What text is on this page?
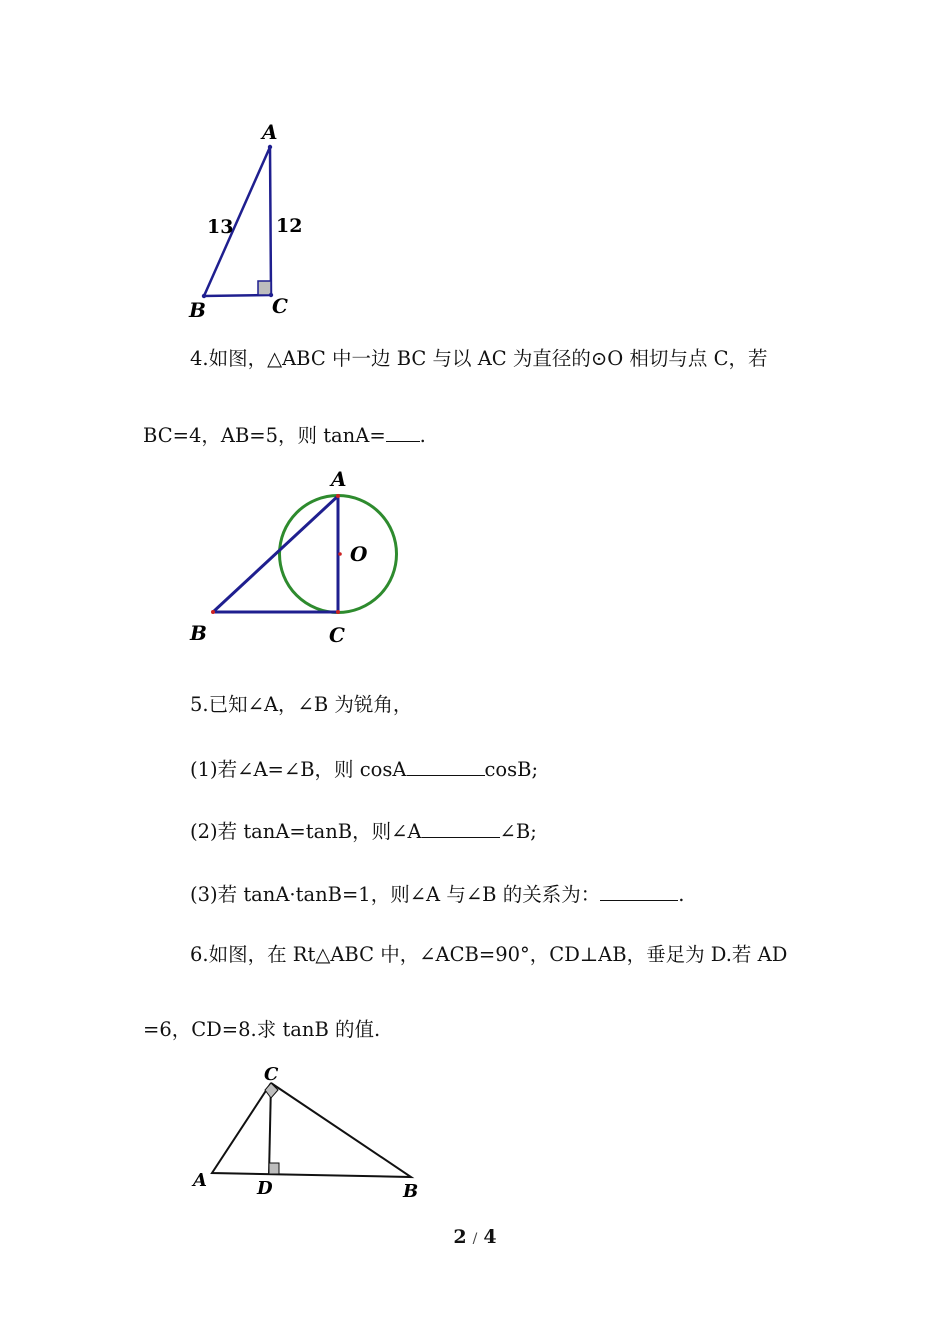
A
B	C
13 12
4.如图，△ABC 中一边 BC 与以 AC 为直径的⊙O 相切与点 C，若
BC=4，AB=5，则 tanA= .
A
B	C
O
5.已知∠A，∠B 为锐角，
(1)若∠A=∠B，则 cosA	cosB;
(2)若 tanA=tanB，则∠A	∠B;
(3)若 tanA·tanB=1，则∠A 与∠B 的关系为：	.
6.如图，在 Rt△ABC 中，∠ACB=90°，CD⊥AB，垂足为 D.若 AD
=6，CD=8.求 tanB 的值.
C
A	D	B
2 / 4
